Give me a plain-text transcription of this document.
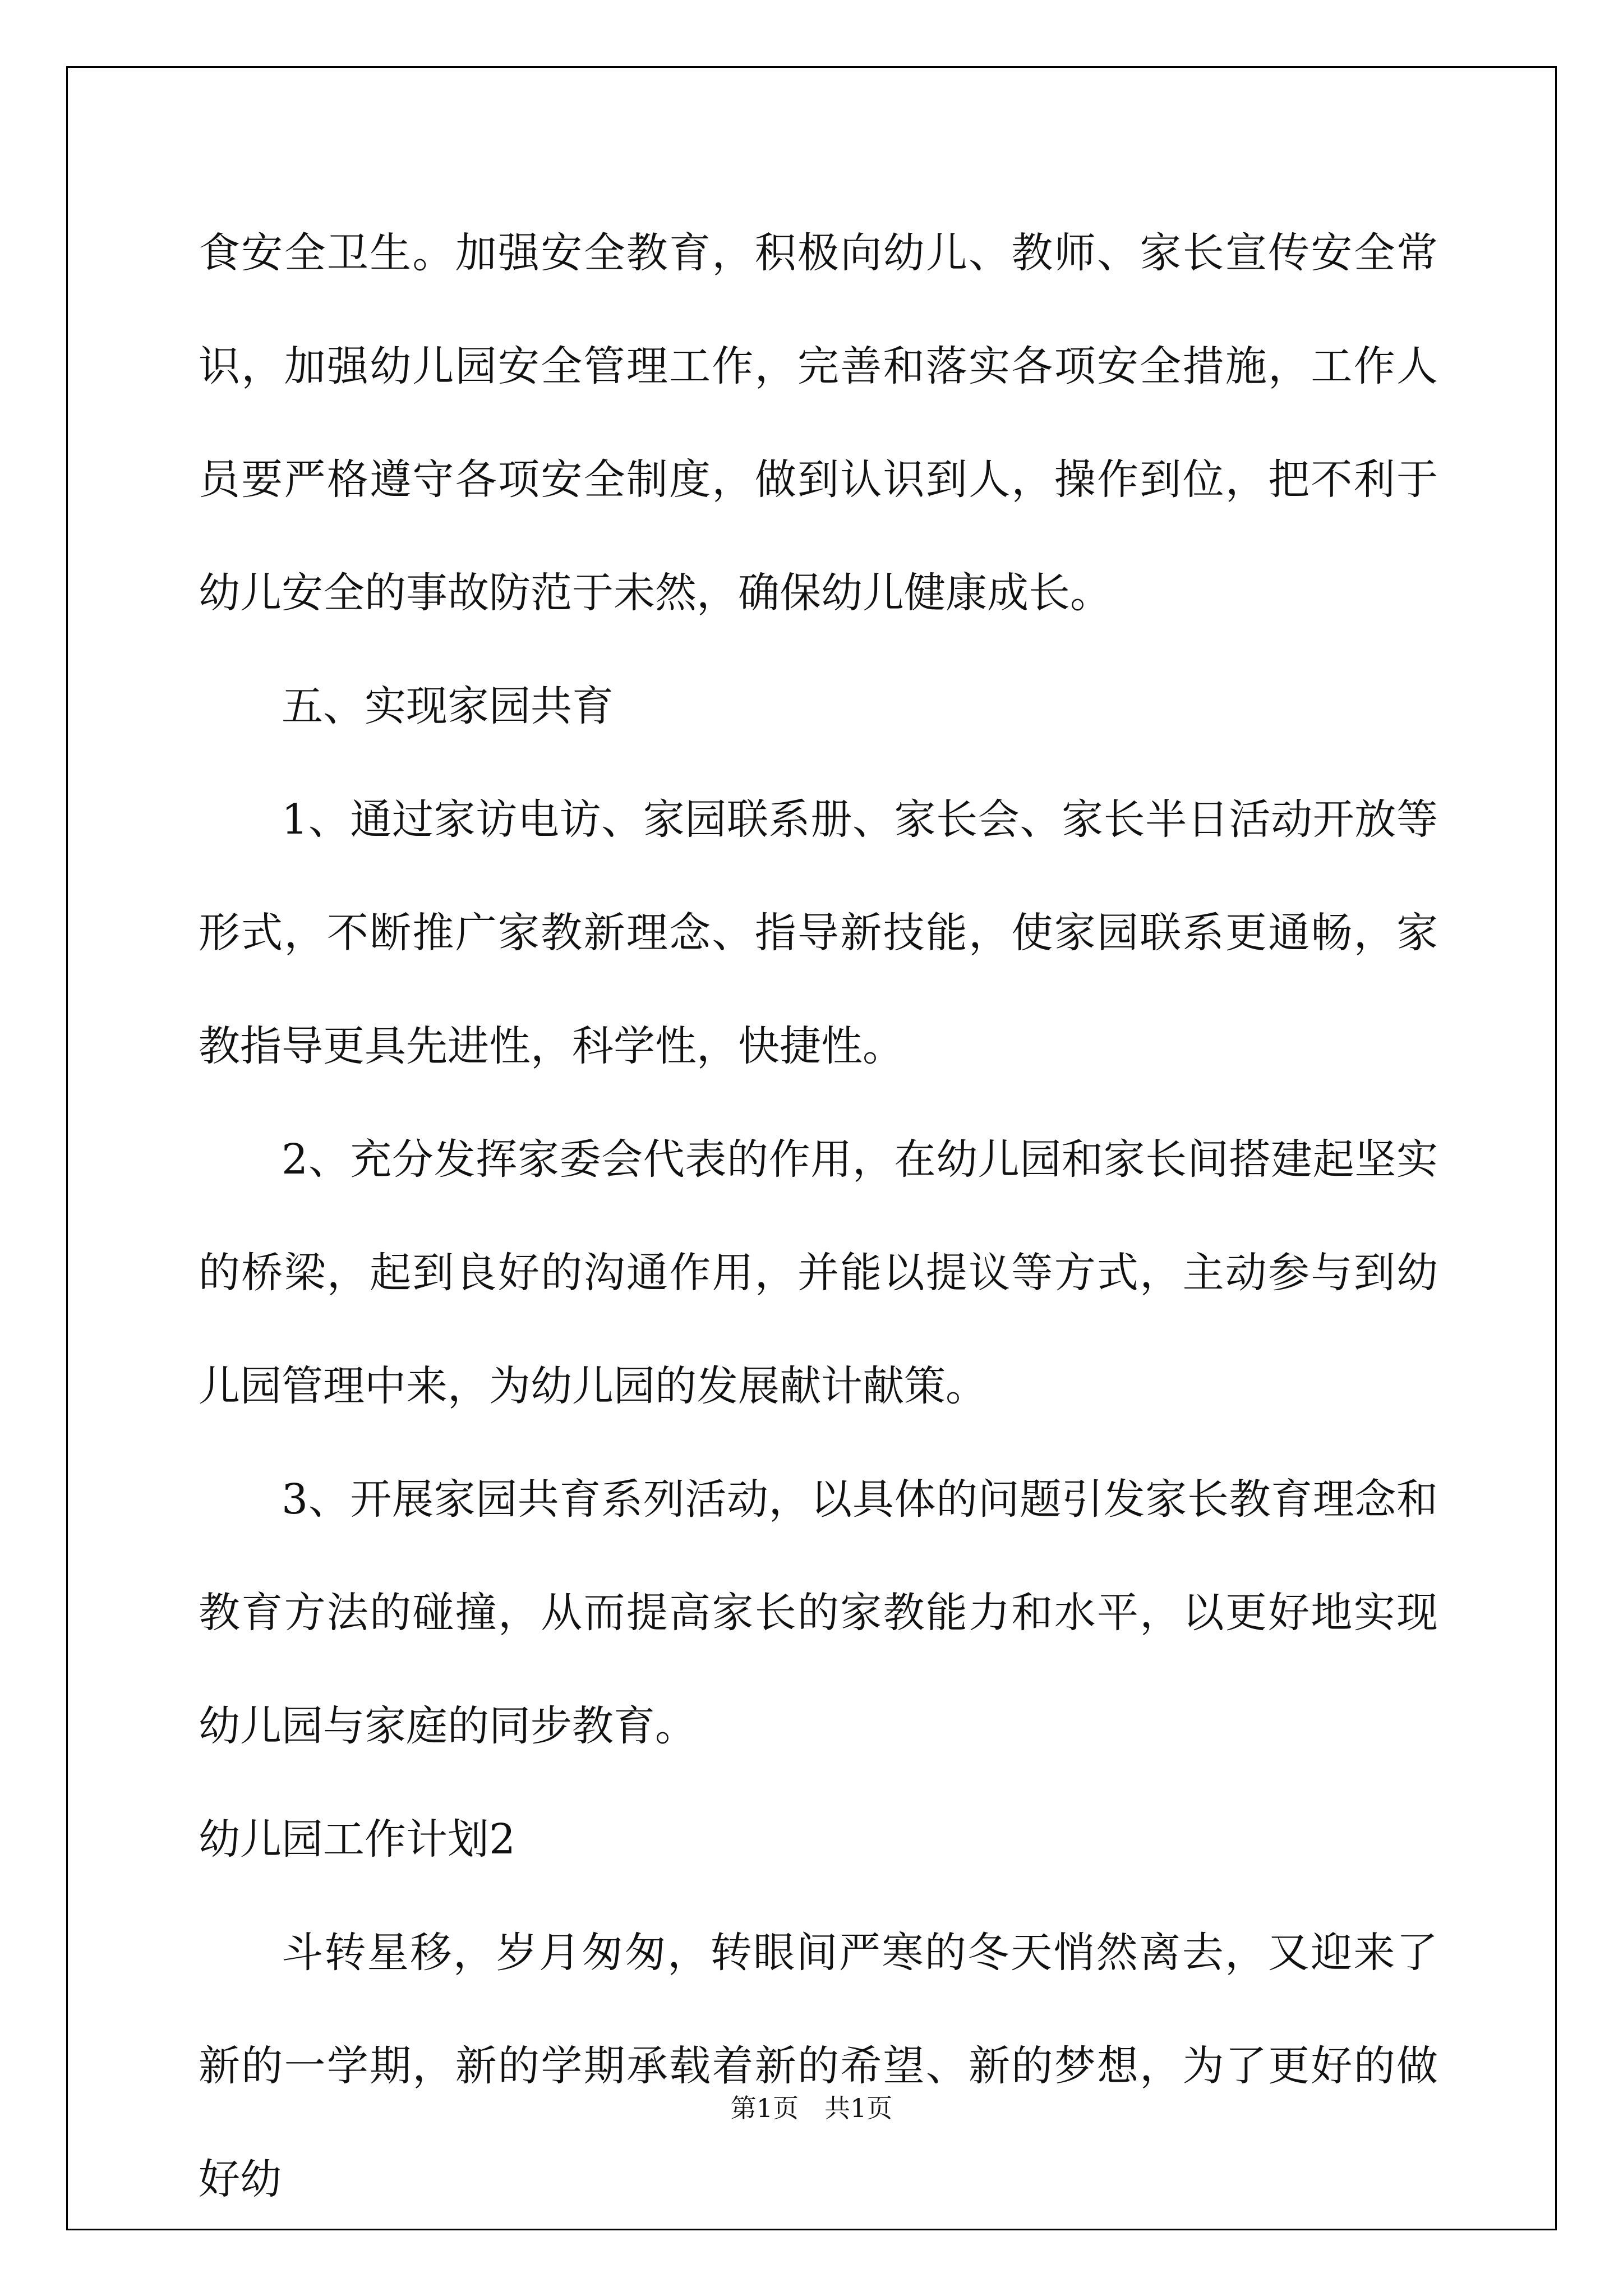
食安全卫生。加强安全教育，积极向幼儿、教师、家长宣传安全常识，加强幼儿园安全管理工作，完善和落实各项安全措施，工作人员要严格遵守各项安全制度，做到认识到人，操作到位，把不利于幼儿安全的事故防范于未然，确保幼儿健康成长。

五、实现家园共育

1、通过家访电访、家园联系册、家长会、家长半日活动开放等形式，不断推广家教新理念、指导新技能，使家园联系更通畅，家教指导更具先进性，科学性，快捷性。

2、充分发挥家委会代表的作用，在幼儿园和家长间搭建起坚实的桥梁，起到良好的沟通作用，并能以提议等方式，主动参与到幼儿园管理中来，为幼儿园的发展献计献策。

3、开展家园共育系列活动，以具体的问题引发家长教育理念和教育方法的碰撞，从而提高家长的家教能力和水平，以更好地实现幼儿园与家庭的同步教育。

幼儿园工作计划2

斗转星移，岁月匆匆，转眼间严寒的冬天悄然离去，又迎来了新的一学期，新的学期承载着新的希望、新的梦想，为了更好的做好幼

第1页　共1页
